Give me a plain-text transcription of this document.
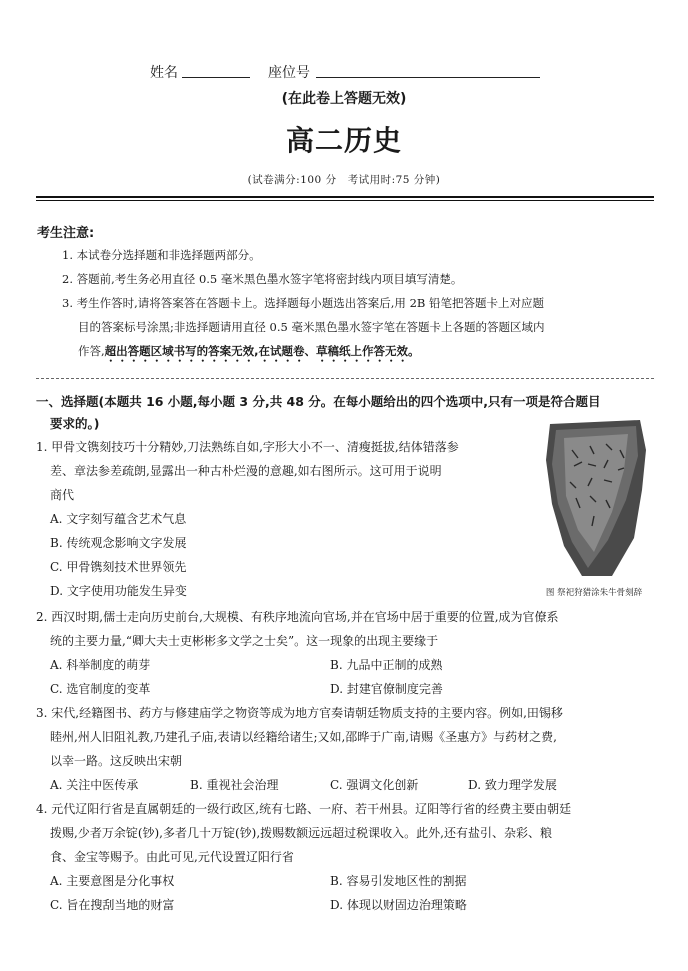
姓名	座位号
(在此卷上答题无效)
高二历史
(试卷满分:100 分　考试用时:75 分钟)
考生注意:
1. 本试卷分选择题和非选择题两部分。
2. 答题前,考生务必用直径 0.5 毫米黑色墨水签字笔将密封线内项目填写清楚。
3. 考生作答时,请将答案答在答题卡上。选择题每小题选出答案后,用 2B 铅笔把答题卡上对应题
目的答案标号涂黑;非选择题请用直径 0.5 毫米黑色墨水签字笔在答题卡上各题的答题区域内
作答,超出答题区域书写的答案无效,在试题卷、草稿纸上作答无效。
一、选择题(本题共 16 小题,每小题 3 分,共 48 分。在每小题给出的四个选项中,只有一项是符合题目
要求的。)
1. 甲骨文镌刻技巧十分精妙,刀法熟练自如,字形大小不一、清瘦挺拔,结体错落参
差、章法参差疏朗,显露出一种古朴烂漫的意趣,如右图所示。这可用于说明
商代
A. 文字刻写蕴含艺术气息
B. 传统观念影响文字发展
C. 甲骨镌刻技术世界领先
D. 文字使用功能发生异变	图 祭祀狩猎涂朱牛骨刻辞
2. 西汉时期,儒士走向历史前台,大规模、有秩序地流向官场,并在官场中居于重要的位置,成为官僚系
统的主要力量,“卿大夫士吏彬彬多文学之士矣”。这一现象的出现主要缘于
A. 科举制度的萌芽	B. 九品中正制的成熟
C. 选官制度的变革	D. 封建官僚制度完善
3. 宋代,经籍图书、药方与修建庙学之物资等成为地方官奏请朝廷物质支持的主要内容。例如,田锡移
睦州,州人旧阻礼教,乃建孔子庙,表请以经籍给诸生;又如,邵晔于广南,请赐《圣惠方》与药材之费,
以幸一路。这反映出宋朝
A. 关注中医传承	B. 重视社会治理	C. 强调文化创新	D. 致力理学发展
4. 元代辽阳行省是直属朝廷的一级行政区,统有七路、一府、若干州县。辽阳等行省的经费主要由朝廷
拨赐,少者万余锭(钞),多者几十万锭(钞),拨赐数额远远超过税课收入。此外,还有盐引、杂彩、粮
食、金宝等赐予。由此可见,元代设置辽阳行省
A. 主要意图是分化事权	B. 容易引发地区性的割据
C. 旨在搜刮当地的财富	D. 体现以财固边治理策略
